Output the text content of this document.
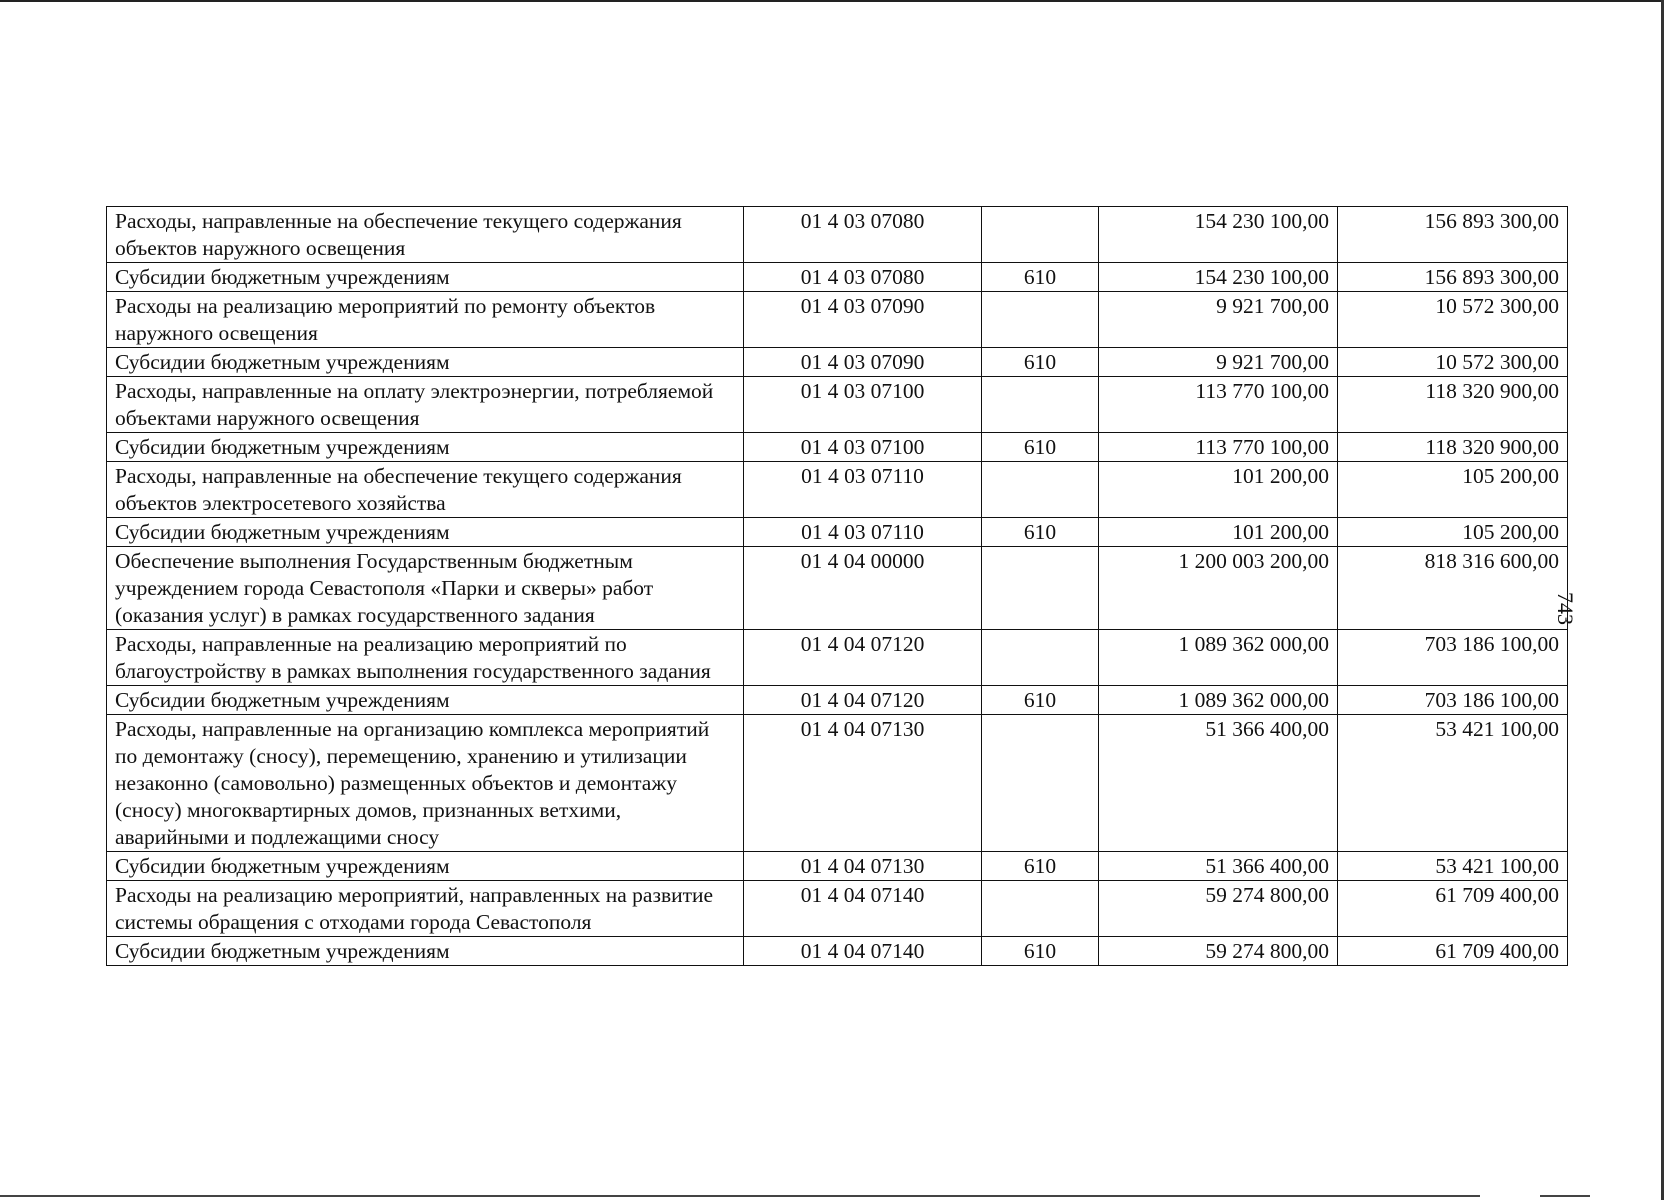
743
Расходы, направленные на обеспечение текущего содержания объектов наружного освещения	01 4 03 07080		154 230 100,00	156 893 300,00
Субсидии бюджетным учреждениям	01 4 03 07080	610	154 230 100,00	156 893 300,00
Расходы на реализацию мероприятий по ремонту объектов наружного освещения	01 4 03 07090		9 921 700,00	10 572 300,00
Субсидии бюджетным учреждениям	01 4 03 07090	610	9 921 700,00	10 572 300,00
Расходы, направленные на оплату электроэнергии, потребляемой объектами наружного освещения	01 4 03 07100		113 770 100,00	118 320 900,00
Субсидии бюджетным учреждениям	01 4 03 07100	610	113 770 100,00	118 320 900,00
Расходы, направленные на обеспечение текущего содержания объектов электросетевого хозяйства	01 4 03 07110		101 200,00	105 200,00
Субсидии бюджетным учреждениям	01 4 03 07110	610	101 200,00	105 200,00
Обеспечение выполнения Государственным бюджетным учреждением города Севастополя «Парки и скверы» работ (оказания услуг) в рамках государственного задания	01 4 04 00000		1 200 003 200,00	818 316 600,00
Расходы, направленные на реализацию мероприятий по благоустройству в рамках выполнения государственного задания	01 4 04 07120		1 089 362 000,00	703 186 100,00
Субсидии бюджетным учреждениям	01 4 04 07120	610	1 089 362 000,00	703 186 100,00
Расходы, направленные на организацию комплекса мероприятий по демонтажу (сносу), перемещению, хранению и утилизации незаконно (самовольно) размещенных объектов и демонтажу (сносу) многоквартирных домов, признанных ветхими, аварийными и подлежащими сносу	01 4 04 07130		51 366 400,00	53 421 100,00
Субсидии бюджетным учреждениям	01 4 04 07130	610	51 366 400,00	53 421 100,00
Расходы на реализацию мероприятий, направленных на развитие системы обращения с отходами города Севастополя	01 4 04 07140		59 274 800,00	61 709 400,00
Субсидии бюджетным учреждениям	01 4 04 07140	610	59 274 800,00	61 709 400,00
